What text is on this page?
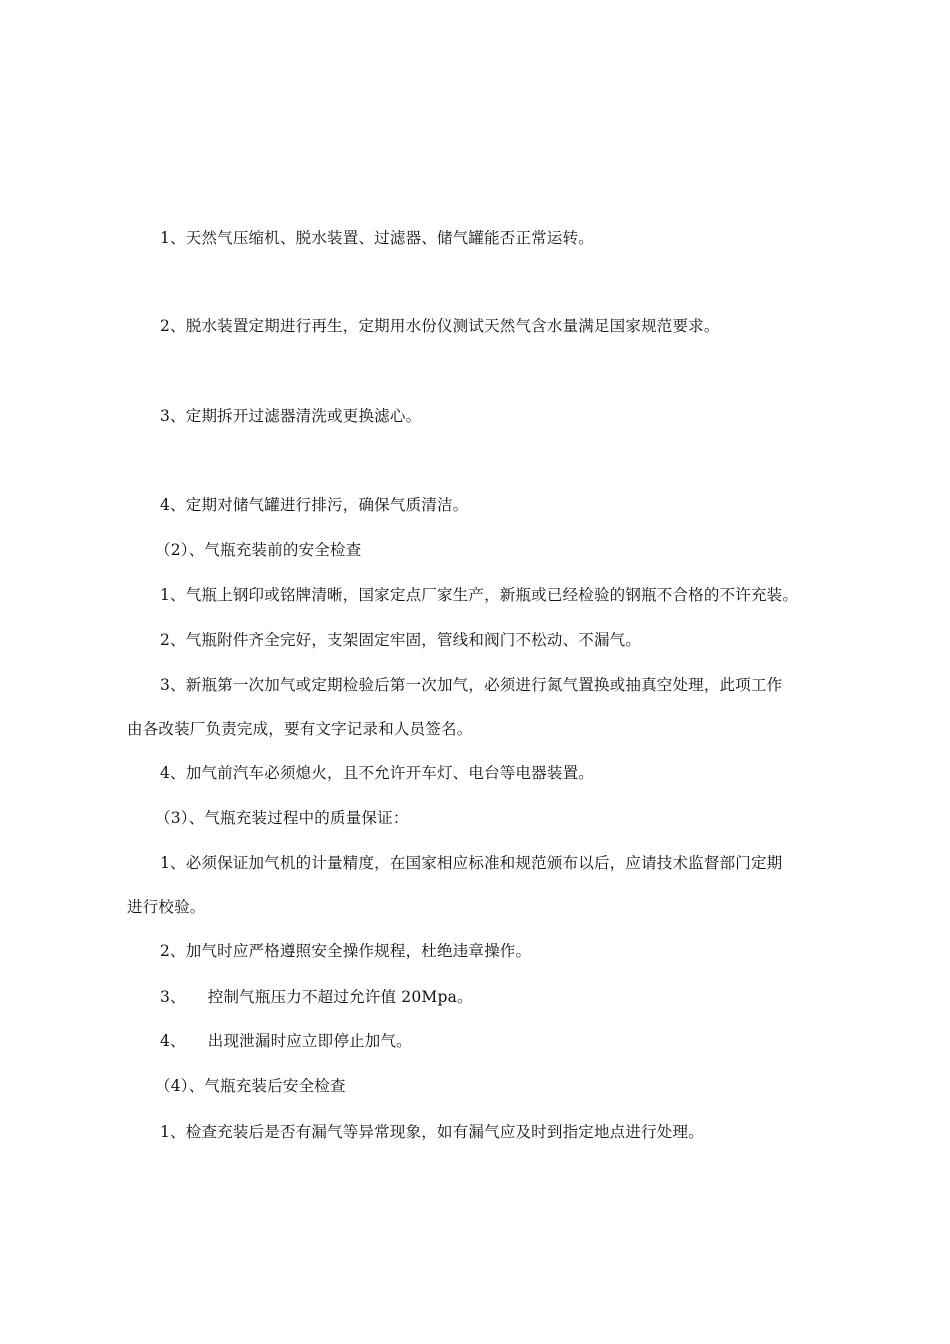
1、天然气压缩机、脱水装置、过滤器、储气罐能否正常运转。
2、脱水装置定期进行再生，定期用水份仪测试天然气含水量满足国家规范要求。
3、定期拆开过滤器清洗或更换滤心。
4、定期对储气罐进行排污，确保气质清洁。
（2）、气瓶充装前的安全检查
1、气瓶上钢印或铭牌清晰，国家定点厂家生产，新瓶或已经检验的钢瓶不合格的不许充装。
2、气瓶附件齐全完好，支架固定牢固，管线和阀门不松动、不漏气。
3、新瓶第一次加气或定期检验后第一次加气，必须进行氮气置换或抽真空处理，此项工作
由各改装厂负责完成，要有文字记录和人员签名。
4、加气前汽车必须熄火，且不允许开车灯、电台等电器装置。
（3）、气瓶充装过程中的质量保证：
1、必须保证加气机的计量精度，在国家相应标准和规范颁布以后，应请技术监督部门定期
进行校验。
2、加气时应严格遵照安全操作规程，杜绝违章操作。
3、 控制气瓶压力不超过允许值 20Mpa。
4、 出现泄漏时应立即停止加气。
（4）、气瓶充装后安全检查
1、检查充装后是否有漏气等异常现象，如有漏气应及时到指定地点进行处理。
